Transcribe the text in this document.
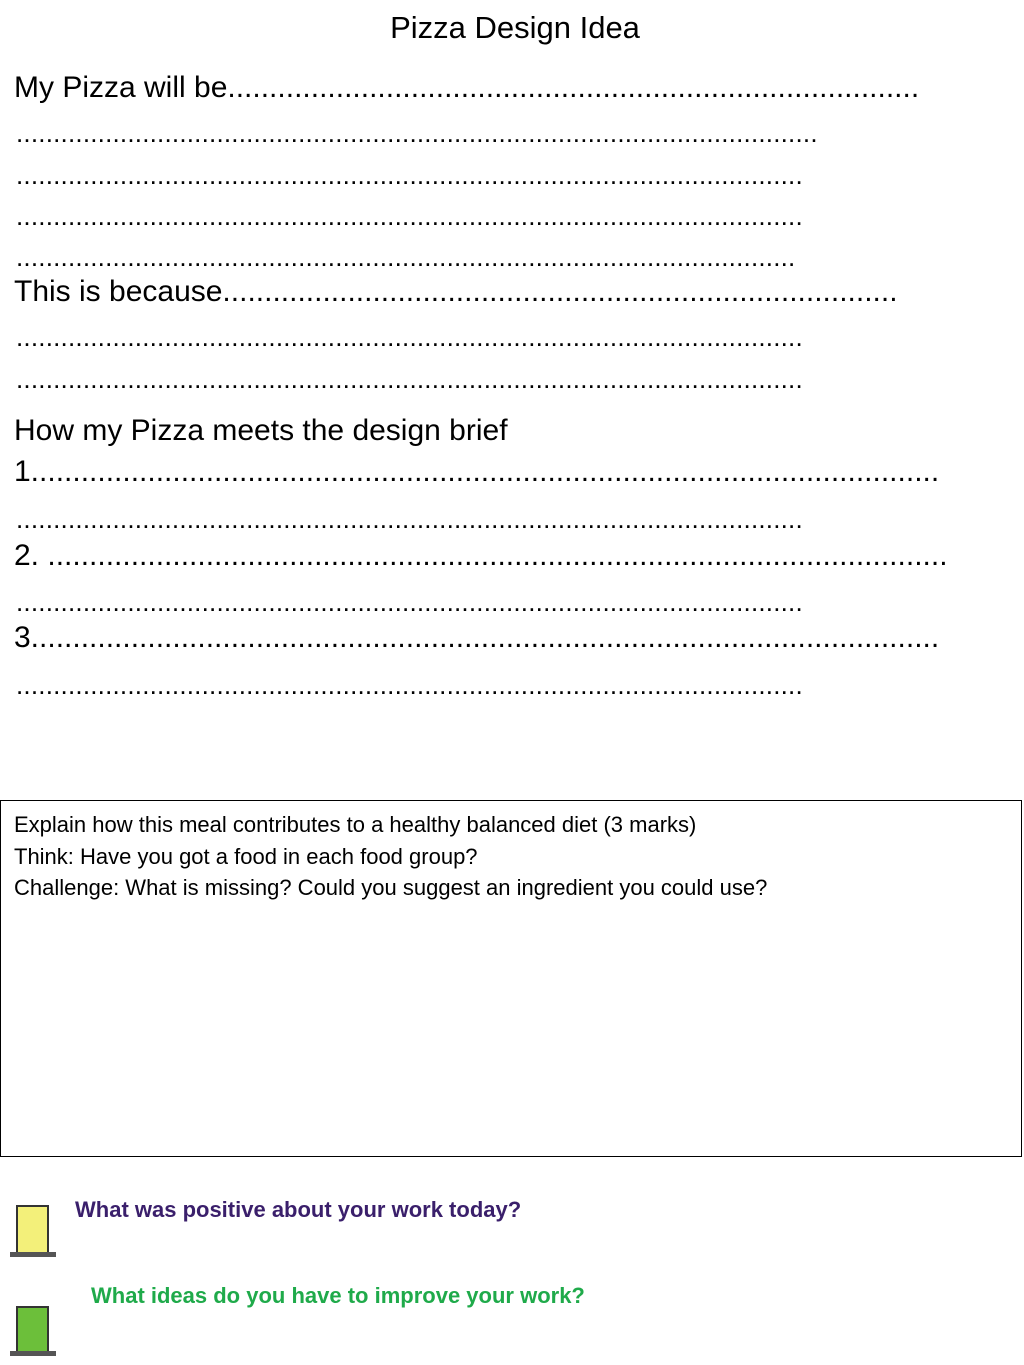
Pizza Design Idea
My Pizza will be...................................................................................
............................................................................................................
..........................................................................................................
..........................................................................................................
.........................................................................................................
This is because.................................................................................
..........................................................................................................
..........................................................................................................
How my Pizza meets the design brief
1.............................................................................................................
..........................................................................................................
2. ............................................................................................................
..........................................................................................................
3.............................................................................................................
..........................................................................................................
Explain how this meal contributes to a healthy balanced diet (3 marks)
Think: Have you got a food in each food group?
Challenge: What is missing? Could you suggest an ingredient you could use?
What was positive about your work today?
What ideas do you have to improve your work?
